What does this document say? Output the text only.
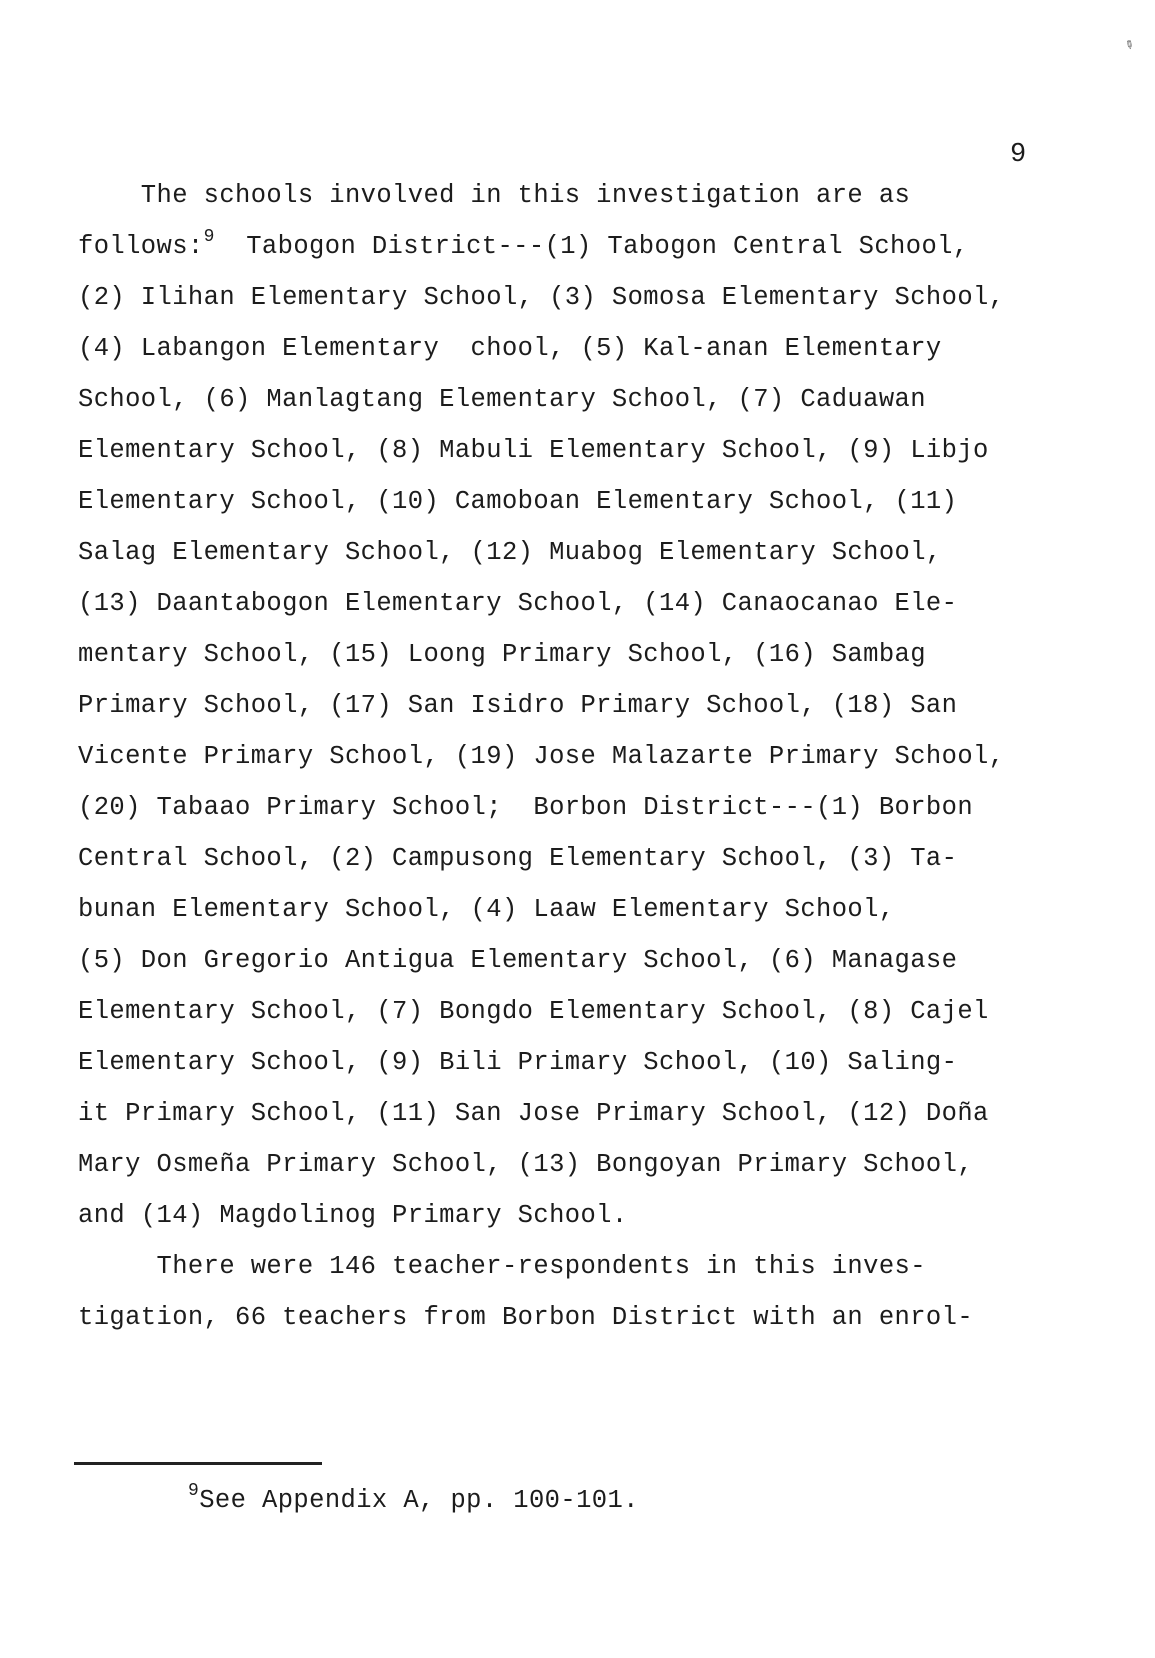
✎
9
The schools involved in this investigation are as
follows:$^9$  Tabogon District---(1) Tabogon Central School,
(2) Ilihan Elementary School, (3) Somosa Elementary School,
(4) Labangon Elementary  chool, (5) Kal-anan Elementary
School, (6) Manlagtang Elementary School, (7) Caduawan
Elementary School, (8) Mabuli Elementary School, (9) Libjo
Elementary School, (10) Camoboan Elementary School, (11)
Salag Elementary School, (12) Muabog Elementary School,
(13) Daantabogon Elementary School, (14) Canaocanao Ele-
mentary School, (15) Loong Primary School, (16) Sambag
Primary School, (17) San Isidro Primary School, (18) San
Vicente Primary School, (19) Jose Malazarte Primary School,
(20) Tabaao Primary School;  Borbon District---(1) Borbon
Central School, (2) Campusong Elementary School, (3) Ta-
bunan Elementary School, (4) Laaw Elementary School,
(5) Don Gregorio Antigua Elementary School, (6) Managase
Elementary School, (7) Bongdo Elementary School, (8) Cajel
Elementary School, (9) Bili Primary School, (10) Saling-
it Primary School, (11) San Jose Primary School, (12) Doña
Mary Osmeña Primary School, (13) Bongoyan Primary School,
and (14) Magdolinog Primary School.
There were 146 teacher-respondents in this inves-
tigation, 66 teachers from Borbon District with an enrol-
$^9$See Appendix A, pp. 100-101.
